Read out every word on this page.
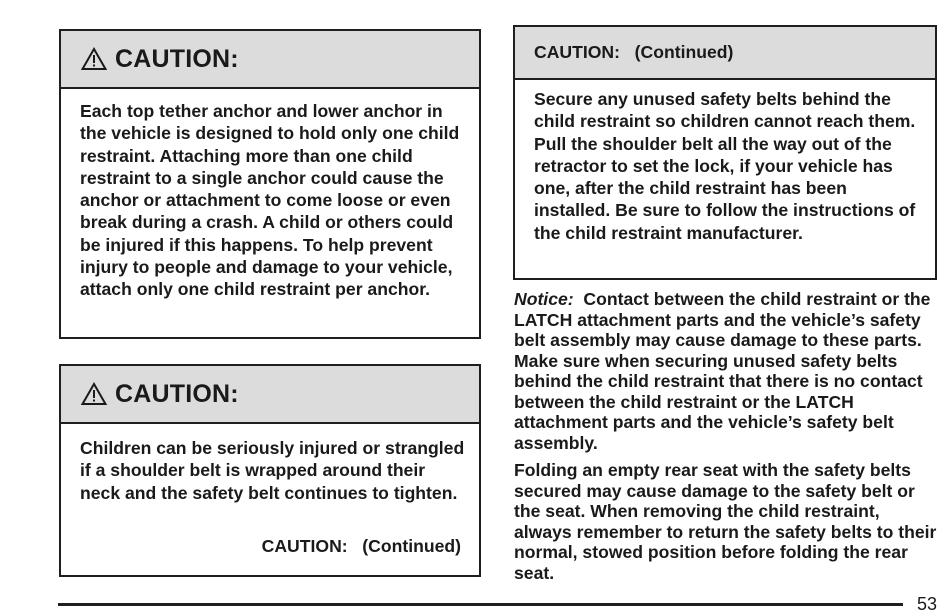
CAUTION:

Each top tether anchor and lower anchor in the vehicle is designed to hold only one child restraint. Attaching more than one child restraint to a single anchor could cause the anchor or attachment to come loose or even break during a crash. A child or others could be injured if this happens. To help prevent injury to people and damage to your vehicle, attach only one child restraint per anchor.

CAUTION:

Children can be seriously injured or strangled if a shoulder belt is wrapped around their neck and the safety belt continues to tighten.

CAUTION:   (Continued)
CAUTION:   (Continued)

Secure any unused safety belts behind the child restraint so children cannot reach them. Pull the shoulder belt all the way out of the retractor to set the lock, if your vehicle has one, after the child restraint has been installed. Be sure to follow the instructions of the child restraint manufacturer.

Notice: Contact between the child restraint or the LATCH attachment parts and the vehicle’s safety belt assembly may cause damage to these parts. Make sure when securing unused safety belts behind the child restraint that there is no contact between the child restraint or the LATCH attachment parts and the vehicle’s safety belt assembly.

Folding an empty rear seat with the safety belts secured may cause damage to the safety belt or the seat. When removing the child restraint, always remember to return the safety belts to their normal, stowed position before folding the rear seat.

53
